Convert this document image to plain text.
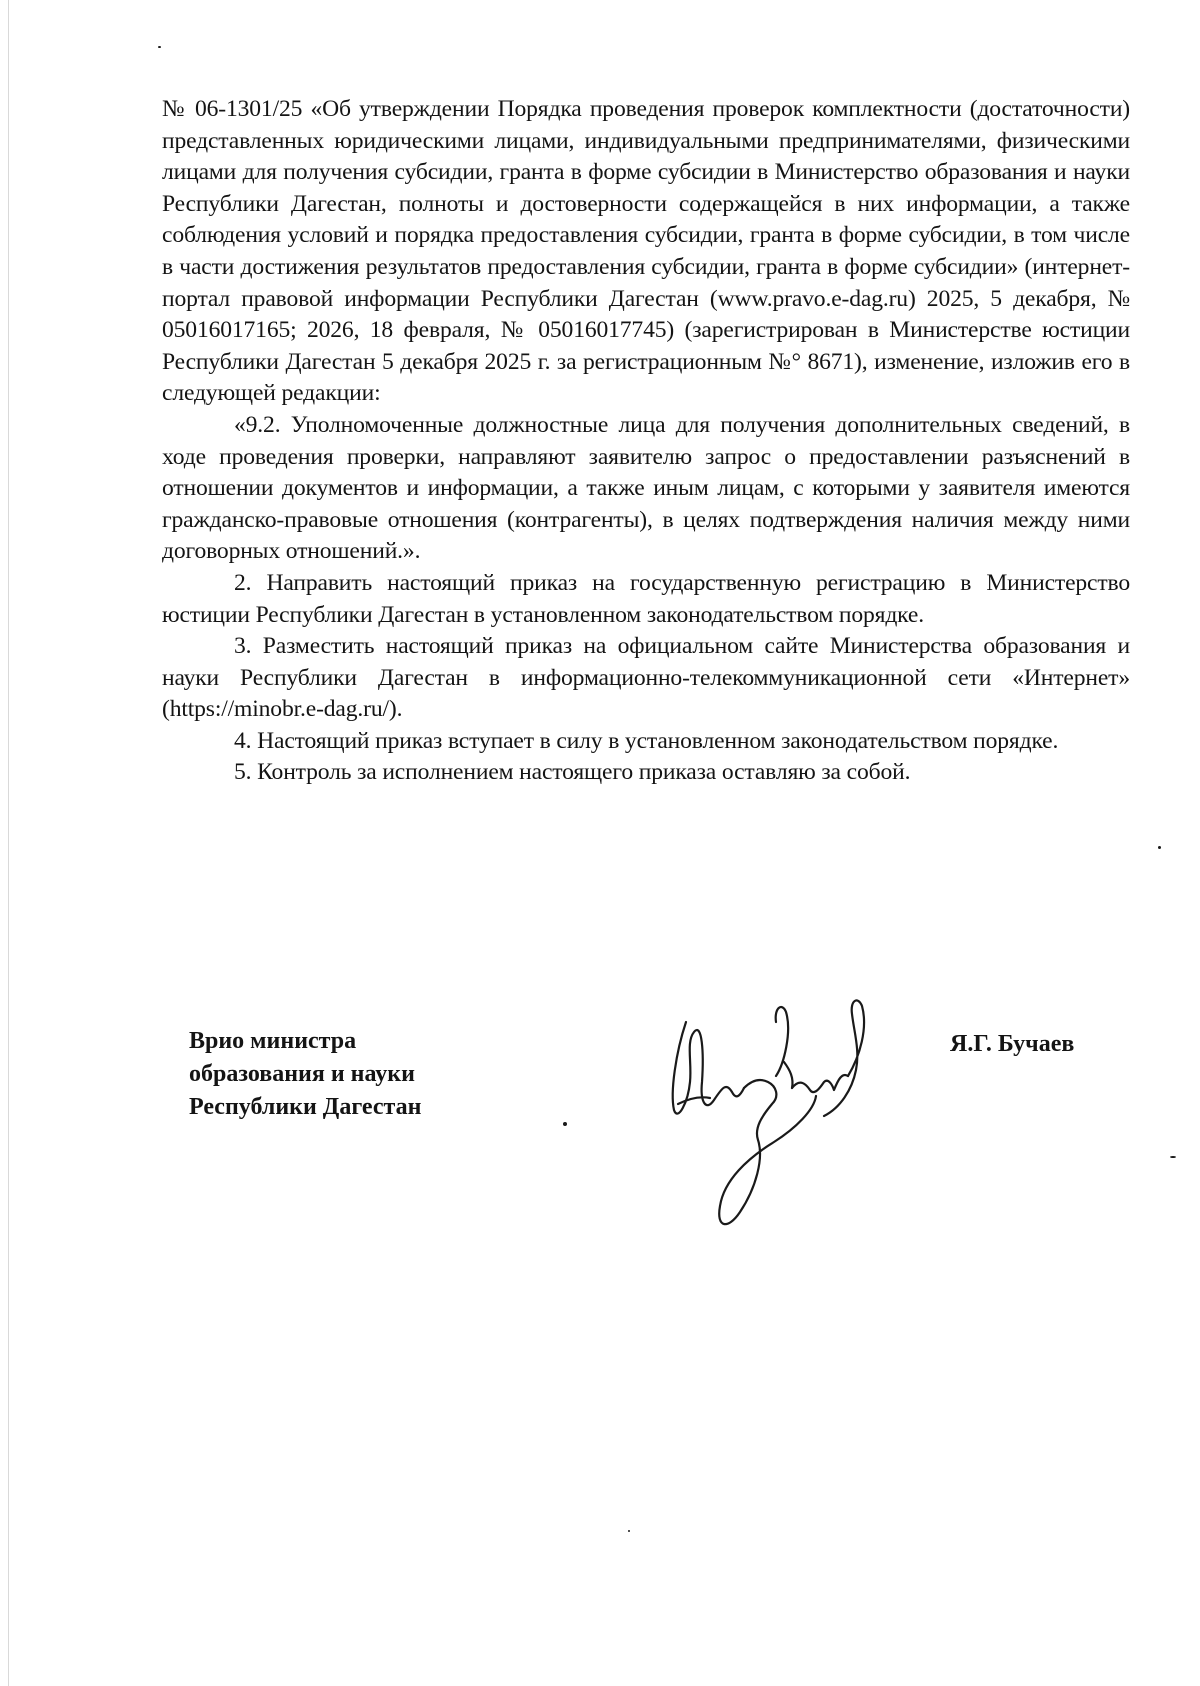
№ 06-1301/25 «Об утверждении Порядка проведения проверок комплектности (достаточности) представленных юридическими лицами, индивидуальными предпринимателями, физическими лицами для получения субсидии, гранта в форме субсидии в Министерство образования и науки Республики Дагестан, полноты и достоверности содержащейся в них информации, а также соблюдения условий и порядка предоставления субсидии, гранта в форме субсидии, в том числе в части достижения результатов предоставления субсидии, гранта в форме субсидии» (интернет-портал правовой информации Республики Дагестан (www.pravo.e-dag.ru) 2025, 5 декабря, № 05016017165; 2026, 18 февраля, № 05016017745) (зарегистрирован в Министерстве юстиции Республики Дагестан 5 декабря 2025 г. за регистрационным №° 8671), изменение, изложив его в следующей редакции:

«9.2. Уполномоченные должностные лица для получения дополнительных сведений, в ходе проведения проверки, направляют заявителю запрос о предоставлении разъяснений в отношении документов и информации, а также иным лицам, с которыми у заявителя имеются гражданско-правовые отношения (контрагенты), в целях подтверждения наличия между ними договорных отношений.».

2. Направить настоящий приказ на государственную регистрацию в Министерство юстиции Республики Дагестан в установленном законодательством порядке.

3. Разместить настоящий приказ на официальном сайте Министерства образования и науки Республики Дагестан в информационно-телекоммуникационной сети «Интернет» (https://minobr.e-dag.ru/).

4. Настоящий приказ вступает в силу в установленном законодательством порядке.

5. Контроль за исполнением настоящего приказа оставляю за собой.

Врио министра
образования и науки
Республики Дагестан
Я.Г. Бучаев
